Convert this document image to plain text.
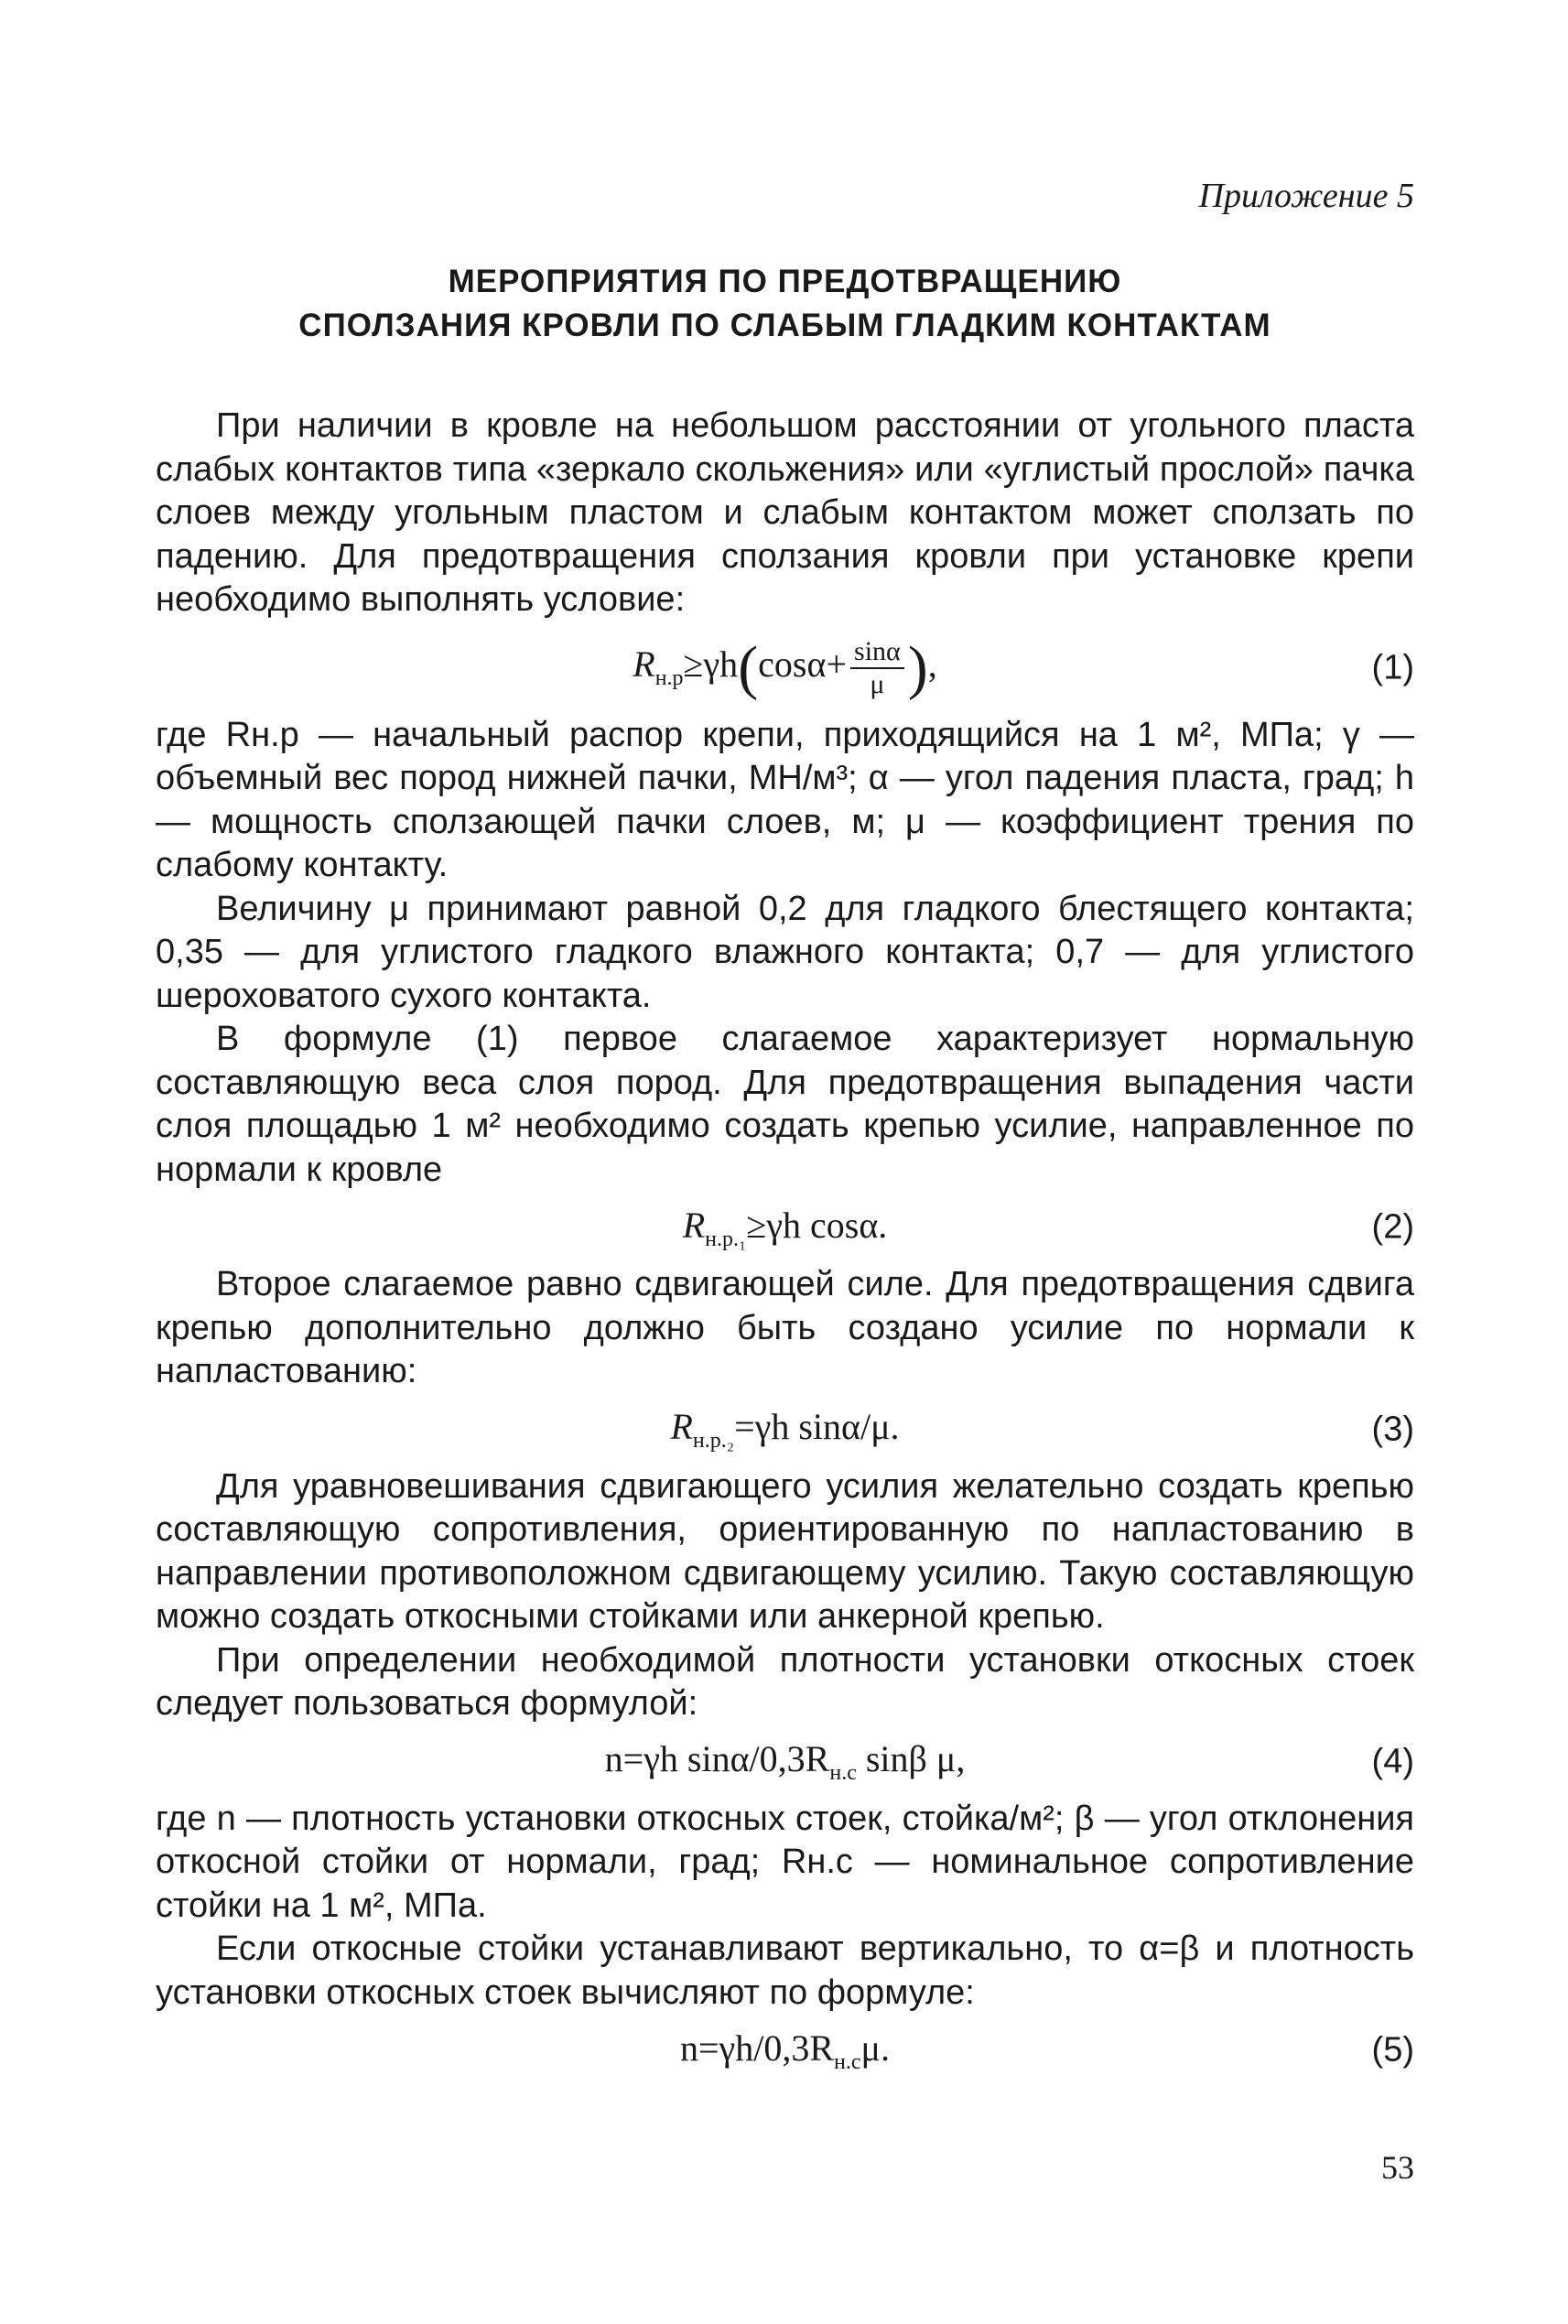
Приложение 5
МЕРОПРИЯТИЯ ПО ПРЕДОТВРАЩЕНИЮ
СПОЛЗАНИЯ КРОВЛИ ПО СЛАБЫМ ГЛАДКИМ КОНТАКТАМ

При наличии в кровле на небольшом расстоянии от угольного пласта слабых контактов типа «зеркало скольжения» или «углистый прослой» пачка слоев между угольным пластом и слабым контактом может сползать по падению. Для предотвращения сползания кровли при установке крепи необходимо выполнять условие:

$R_{н.р}\ge\gamma h(\cos\alpha+ \frac{\sin\alpha}{\mu}$ ),	(1)

где Rн.р — начальный распор крепи, приходящийся на 1 м², МПа; γ — объемный вес пород нижней пачки, МН/м³; α — угол падения пласта, град; h — мощность сползающей пачки слоев, м; μ — коэффициент трения по слабому контакту.

Величину μ принимают равной 0,2 для гладкого блестящего контакта; 0,35 — для углистого гладкого влажного контакта; 0,7 — для углистого шероховатого сухого контакта.

В формуле (1) первое слагаемое характеризует нормальную составляющую веса слоя пород. Для предотвращения выпадения части слоя площадью 1 м² необходимо создать крепью усилие, направленное по нормали к кровле

$R_{н.р._1}\ge\gamma h$ cosα.	(2)

Второе слагаемое равно сдвигающей силе. Для предотвращения сдвига крепью дополнительно должно быть создано усилие по нормали к напластованию:

$R_{н.р._2}=\gamma h$ sinα/μ.	(3)

Для уравновешивания сдвигающего усилия желательно создать крепью составляющую сопротивления, ориентированную по напластованию в направлении противоположном сдвигающему усилию. Такую составляющую можно создать откосными стойками или анкерной крепью.

При определении необходимой плотности установки откосных стоек следует пользоваться формулой:

n=γh sinα/$0,3R_{н.с}$ sinβ μ,	(4)

где n — плотность установки откосных стоек, стойка/м²; β — угол отклонения откосной стойки от нормали, град; Rн.с — номинальное сопротивление стойки на 1 м², МПа.

Если откосные стойки устанавливают вертикально, то α=β и плотность установки откосных стоек вычисляют по формуле:

$n=\gamma h/0,3R_{н.с}\mu$.	(5)
53
